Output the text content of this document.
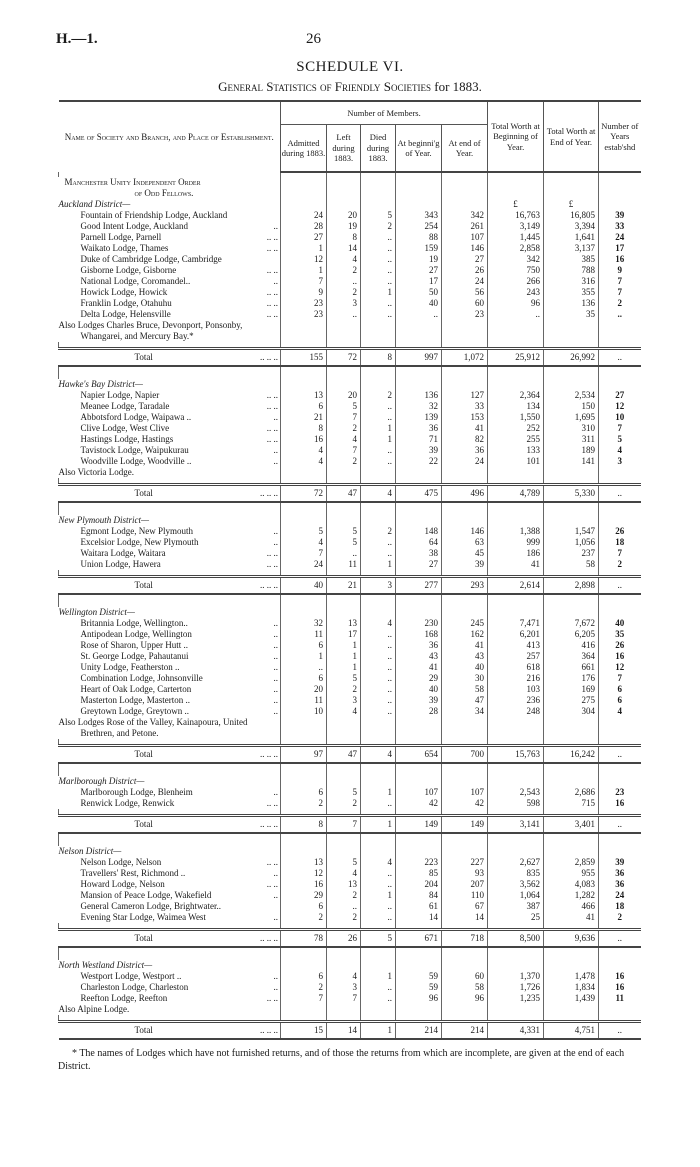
H.—1.	26
SCHEDULE VI.
General Statistics of Friendly Societies for 1883.
Name of Society and Branch, and Place of Establishment.	Number of Members.					Total Worth at Beginning of Year.	Total Worth at End of Year.	Number of Years estab'shd
	Admitted during 1883.	Left during 1883.	Died during 1883.	At beginni'g of Year.	At end of Year.			

Manchester Unity Independent Order
of Odd Fellows.								

Auckland District—						£	£	

Fountain of Friendship Lodge, Auckland	24	20	5	343	342	16,763	16,805	39

Good Intent Lodge, Auckland ..	28	19	2	254	261	3,149	3,394	33

Parnell Lodge, Parnell .. ..	27	8	..	88	107	1,445	1,641	24

Waikato Lodge, Thames .. ..	1	14	..	159	146	2,858	3,137	17

Duke of Cambridge Lodge, Cambridge	12	4	..	19	27	342	385	16

Gisborne Lodge, Gisborne .. ..	1	2	..	27	26	750	788	9

National Lodge, Coromandel.. ..	7	..	..	17	24	266	316	7

Howick Lodge, Howick .. ..	9	2	1	50	56	243	355	7

Franklin Lodge, Otahuhu .. ..	23	3	..	40	60	96	136	2

Delta Lodge, Helensville .. ..	23	..	..	..	23	..	35	..
Also Lodges Charles Bruce, Devonport, Ponsonby, Whangarei, and Mercury Bay.*								

Total .. .. ..	155	72	8	997	1,072	25,912	26,992	..

Hawke's Bay District—								

Napier Lodge, Napier .. ..	13	20	2	136	127	2,364	2,534	27

Meanee Lodge, Taradale .. ..	6	5	..	32	33	134	150	12

Abbotsford Lodge, Waipawa .. ..	21	7	..	139	153	1,550	1,695	10

Clive Lodge, West Clive .. ..	8	2	1	36	41	252	310	7

Hastings Lodge, Hastings .. ..	16	4	1	71	82	255	311	5

Tavistock Lodge, Waipukurau ..	4	7	..	39	36	133	189	4

Woodville Lodge, Woodville .. ..	4	2	..	22	24	101	141	3
Also Victoria Lodge.								

Total .. .. ..	72	47	4	475	496	4,789	5,330	..

New Plymouth District—								

Egmont Lodge, New Plymouth ..	5	5	2	148	146	1,388	1,547	26

Excelsior Lodge, New Plymouth ..	4	5	..	64	63	999	1,056	18

Waitara Lodge, Waitara .. ..	7	..	..	38	45	186	237	7

Union Lodge, Hawera .. ..	24	11	1	27	39	41	58	2

Total .. .. ..	40	21	3	277	293	2,614	2,898	..

Wellington District—								

Britannia Lodge, Wellington.. ..	32	13	4	230	245	7,471	7,672	40

Antipodean Lodge, Wellington ..	11	17	..	168	162	6,201	6,205	35

Rose of Sharon, Upper Hutt .. ..	6	1	..	36	41	413	416	26

St. George Lodge, Pahautanui ..	1	1	..	43	43	257	364	16

Unity Lodge, Featherston .. ..	..	1	..	41	40	618	661	12

Combination Lodge, Johnsonville ..	6	5	..	29	30	216	176	7

Heart of Oak Lodge, Carterton ..	20	2	..	40	58	103	169	6

Masterton Lodge, Masterton .. ..	11	3	..	39	47	236	275	6

Greytown Lodge, Greytown .. ..	10	4	..	28	34	248	304	4
Also Lodges Rose of the Valley, Kainapoura, United Brethren, and Petone.								

Total .. .. ..	97	47	4	654	700	15,763	16,242	..

Marlborough District—								

Marlborough Lodge, Blenheim ..	6	5	1	107	107	2,543	2,686	23

Renwick Lodge, Renwick .. ..	2	2	..	42	42	598	715	16

Total .. .. ..	8	7	1	149	149	3,141	3,401	..

Nelson District—								

Nelson Lodge, Nelson .. ..	13	5	4	223	227	2,627	2,859	39

Travellers' Rest, Richmond .. ..	12	4	..	85	93	835	955	36

Howard Lodge, Nelson .. ..	16	13	..	204	207	3,562	4,083	36

Mansion of Peace Lodge, Wakefield ..	29	2	1	84	110	1,064	1,282	24

General Cameron Lodge, Brightwater..	6	..	..	61	67	387	466	18

Evening Star Lodge, Waimea West ..	2	2	..	14	14	25	41	2

Total .. .. ..	78	26	5	671	718	8,500	9,636	..

North Westland District—								

Westport Lodge, Westport .. ..	6	4	1	59	60	1,370	1,478	16

Charleston Lodge, Charleston ..	2	3	..	59	58	1,726	1,834	16

Reefton Lodge, Reefton .. ..	7	7	..	96	96	1,235	1,439	11
Also Alpine Lodge.								

Total .. .. ..	15	14	1	214	214	4,331	4,751	..
* The names of Lodges which have not furnished returns, and of those the returns from which are incomplete, are given at the end of each District.
